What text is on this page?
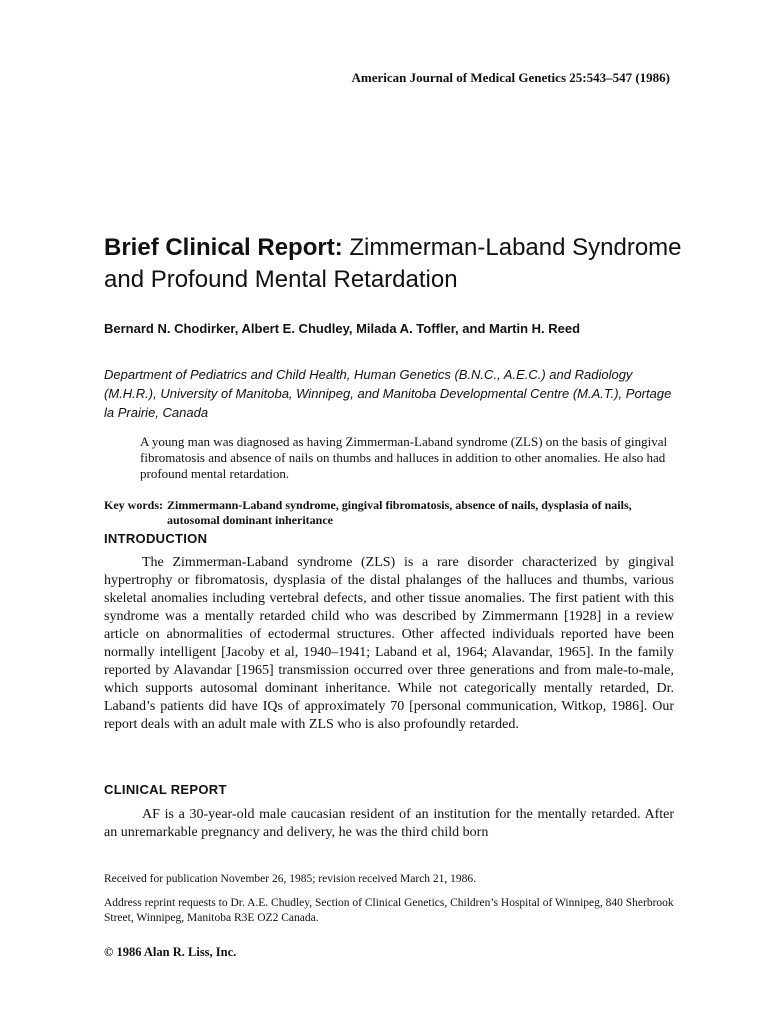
American Journal of Medical Genetics 25:543–547 (1986)
Brief Clinical Report: Zimmerman-Laband Syndrome and Profound Mental Retardation
Bernard N. Chodirker, Albert E. Chudley, Milada A. Toffler, and Martin H. Reed
Department of Pediatrics and Child Health, Human Genetics (B.N.C., A.E.C.) and Radiology (M.H.R.), University of Manitoba, Winnipeg, and Manitoba Developmental Centre (M.A.T.), Portage la Prairie, Canada
A young man was diagnosed as having Zimmerman-Laband syndrome (ZLS) on the basis of gingival fibromatosis and absence of nails on thumbs and halluces in addition to other anomalies. He also had profound mental retardation.
Key words: Zimmermann-Laband syndrome, gingival fibromatosis, absence of nails, dysplasia of nails, autosomal dominant inheritance
INTRODUCTION

The Zimmerman-Laband syndrome (ZLS) is a rare disorder characterized by gingival hypertrophy or fibromatosis, dysplasia of the distal phalanges of the halluces and thumbs, various skeletal anomalies including vertebral defects, and other tissue anomalies. The first patient with this syndrome was a mentally retarded child who was described by Zimmermann [1928] in a review article on abnormalities of ectodermal structures. Other affected individuals reported have been normally intelligent [Jacoby et al, 1940–1941; Laband et al, 1964; Alavandar, 1965]. In the family reported by Alavandar [1965] transmission occurred over three generations and from male-to-male, which supports autosomal dominant inheritance. While not categorically mentally retarded, Dr. Laband’s patients did have IQs of approximately 70 [personal communication, Witkop, 1986]. Our report deals with an adult male with ZLS who is also profoundly retarded.

CLINICAL REPORT

AF is a 30-year-old male caucasian resident of an institution for the mentally retarded. After an unremarkable pregnancy and delivery, he was the third child born

Received for publication November 26, 1985; revision received March 21, 1986.

Address reprint requests to Dr. A.E. Chudley, Section of Clinical Genetics, Children’s Hospital of Winnipeg, 840 Sherbrook Street, Winnipeg, Manitoba R3E OZ2 Canada.

© 1986 Alan R. Liss, Inc.
